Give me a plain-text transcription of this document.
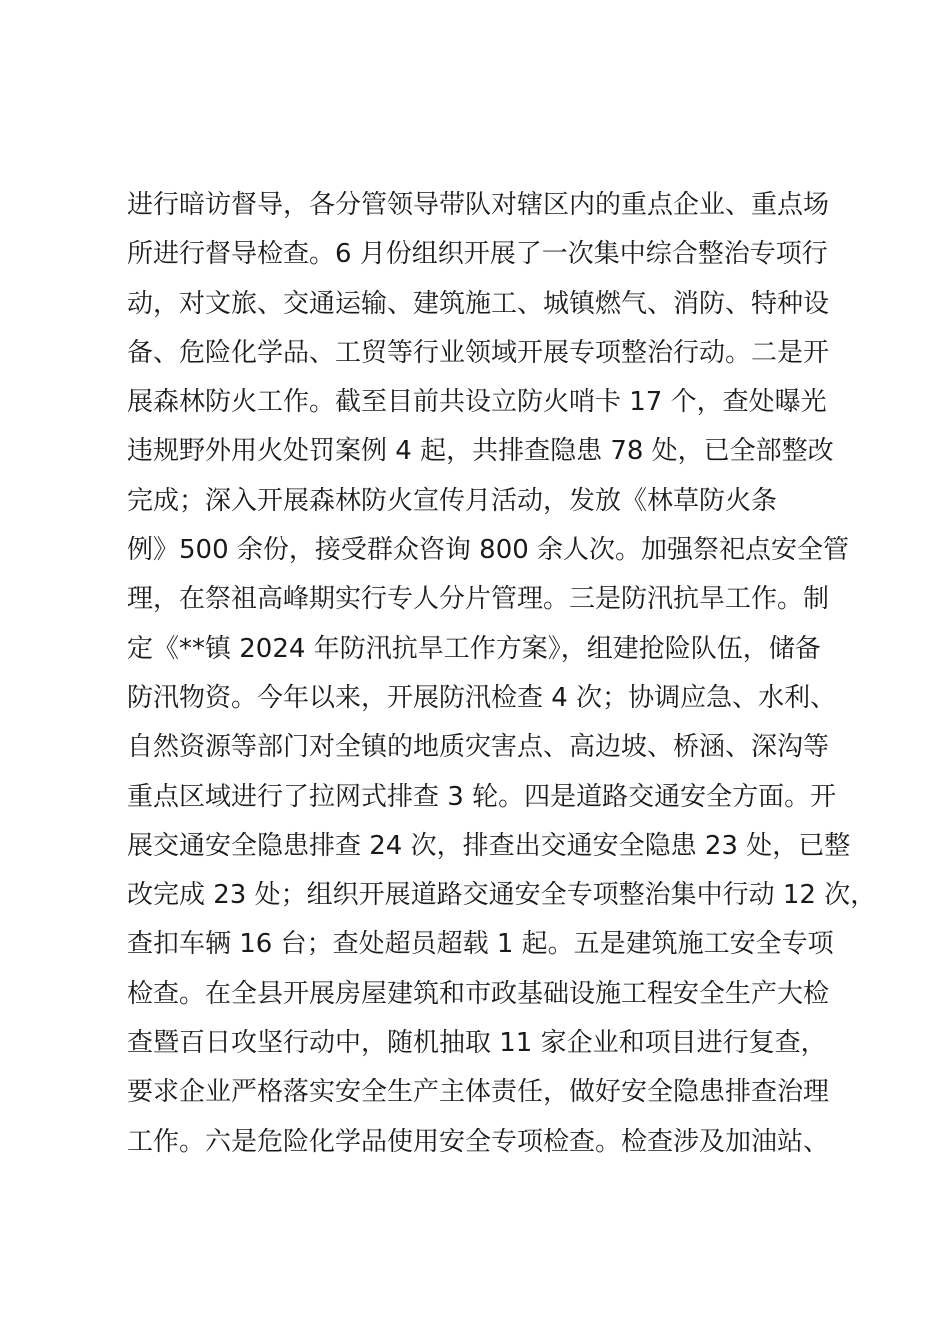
进行暗访督导，各分管领导带队对辖区内的重点企业、重点场
所进行督导检查。6 月份组织开展了一次集中综合整治专项行
动，对文旅、交通运输、建筑施工、城镇燃气、消防、特种设
备、危险化学品、工贸等行业领域开展专项整治行动。二是开
展森林防火工作。截至目前共设立防火哨卡 17 个，查处曝光
违规野外用火处罚案例 4 起，共排查隐患 78 处，已全部整改
完成；深入开展森林防火宣传月活动，发放《林草防火条
例》500 余份，接受群众咨询 800 余人次。加强祭祀点安全管
理，在祭祖高峰期实行专人分片管理。三是防汛抗旱工作。制
定《**镇 2024 年防汛抗旱工作方案》，组建抢险队伍，储备
防汛物资。今年以来，开展防汛检查 4 次；协调应急、水利、
自然资源等部门对全镇的地质灾害点、高边坡、桥涵、深沟等
重点区域进行了拉网式排查 3 轮。四是道路交通安全方面。开
展交通安全隐患排查 24 次，排查出交通安全隐患 23 处，已整
改完成 23 处；组织开展道路交通安全专项整治集中行动 12 次，
查扣车辆 16 台；查处超员超载 1 起。五是建筑施工安全专项
检查。在全县开展房屋建筑和市政基础设施工程安全生产大检
查暨百日攻坚行动中，随机抽取 11 家企业和项目进行复查，
要求企业严格落实安全生产主体责任，做好安全隐患排查治理
工作。六是危险化学品使用安全专项检查。检查涉及加油站、
